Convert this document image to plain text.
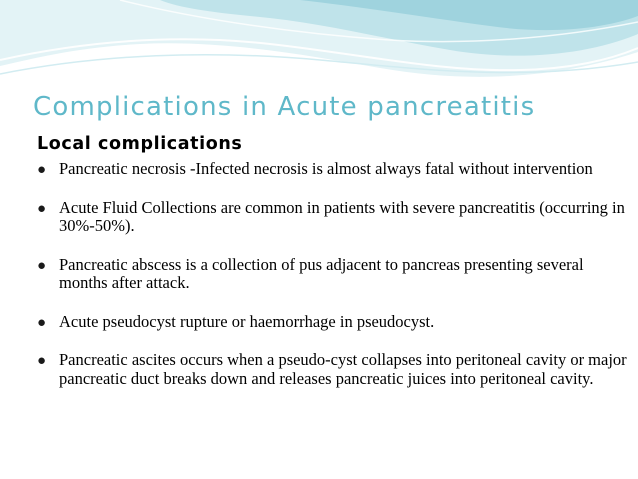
Complications in Acute pancreatitis
Local complications
● Pancreatic necrosis -Infected necrosis is almost always fatal without intervention
● Acute Fluid Collections are common in patients with severe pancreatitis (occurring in 30%-50%).
● Pancreatic abscess is a collection of pus adjacent to pancreas presenting several months after attack.
● Acute pseudocyst rupture or haemorrhage in pseudocyst.
● Pancreatic ascites occurs when a pseudo-cyst collapses into peritoneal cavity or major pancreatic duct breaks down and releases pancreatic juices into peritoneal cavity.
